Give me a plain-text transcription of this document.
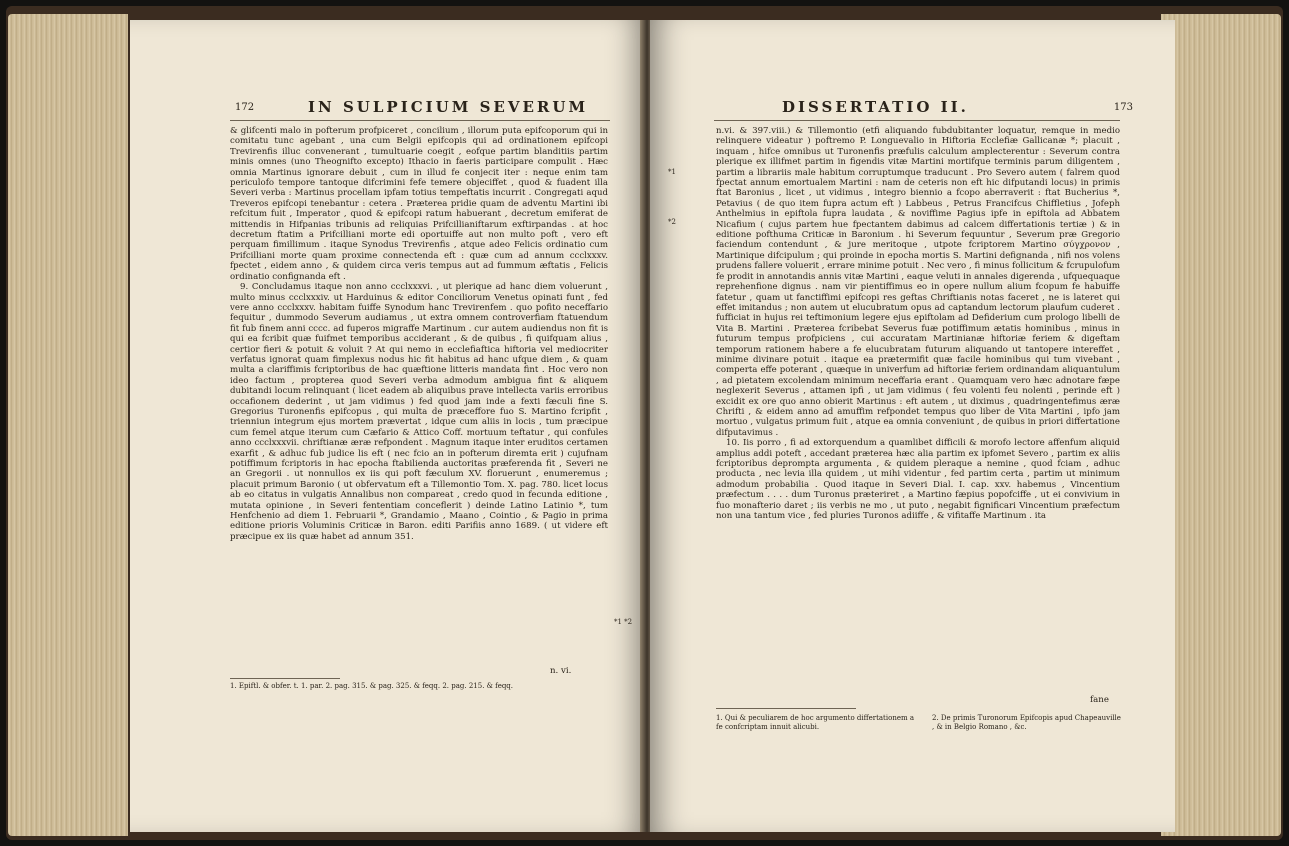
172	IN SULPICIUM SEVERUM

& glifcenti malo in pofterum profpiceret , concilium , illorum puta epifcoporum qui in comitatu tunc agebant , una cum Belgii epifcopis qui ad ordinationem epifcopi Trevirenfis illuc convenerant , tumultuarie coegit , eofque partim blanditiis partim minis omnes (uno Theognifto excepto) Ithacio in faeris participare compulit . Hæc omnia Martinus ignorare debuit , cum in illud fe conjecit iter : neque enim tam periculofo tempore tantoque difcrimini fefe temere objeciffet , quod & fuadent illa Severi verba : Martinus procellam ipfam totius tempeftatis incurrit . Congregati aqud Treveros epifcopi tenebantur : cetera . Præterea pridie quam de adventu Martini ibi refcitum fuit , Imperator , quod & epifcopi ratum habuerant , decretum emiferat de mittendis in Hifpanias tribunis ad reliquias Prifcillianiftarum exftirpandas . at hoc decretum ftatim a Prifcilliani morte edi oportuiffe aut non multo poft , vero eft perquam fimillimum . itaque Synodus Trevirenfis , atque adeo Felicis ordinatio cum Prifcilliani morte quam proxime connectenda eft : quæ cum ad annum ccclxxxv. fpectet , eidem anno , & quidem circa veris tempus aut ad fummum æftatis , Felicis ordinatio confignanda eft .

9. Concludamus itaque non anno ccclxxxvi. , ut plerique ad hanc diem voluerunt , multo minus ccclxxxiv. ut Harduinus & editor Conciliorum Venetus opinati funt , fed vere anno ccclxxxv. habitam fuiffe Synodum hanc Trevirenfem . quo pofito neceffario fequitur , dummodo Severum audiamus , ut extra omnem controverfiam ftatuendum fit fub finem anni cccc. ad fuperos migraffe Martinum . cur autem audiendus non fit is qui ea fcribit quæ fuifmet temporibus acciderant , & de quibus , fi quifquam alius , certior fieri & potuit & voluit ? At qui nemo in ecclefiaftica hiftoria vel mediocriter verfatus ignorat quam fimplexus nodus hic fit habitus ad hanc ufque diem , & quam multa a clariffimis fcriptoribus de hac quæftione litteris mandata fint . Hoc vero non ideo factum , propterea quod Severi verba admodum ambigua fint & aliquem dubitandi locum relinquant ( licet eadem ab aliquibus prave intellecta variis erroribus occafionem dederint , ut jam vidimus ) fed quod jam inde a fexti fæculi fine S. Gregorius Turonenfis epifcopus , qui multa de præceffore fuo S. Martino fcripfit , trienniun integrum ejus mortem prævertat , idque cum aliis in locis , tum præcipue cum femel atque iterum cum Cæfario & Attico Coff. mortuum teftatur , qui confules anno ccclxxxvii. chriftianæ æræ refpondent . Magnum itaque inter eruditos certamen exarfit , & adhuc fub judice lis eft ( nec fcio an in pofterum diremta erit ) cujufnam potiffimum fcriptoris in hac epocha ftabilienda auctoritas præferenda fit , Severi ne an Gregorii . ut nonnullos ex iis qui poft fæculum XV. floruerunt , enumeremus ; placuit primum Baronio ( ut obfervatum eft a Tillemontio Tom. X. pag. 780. licet locus ab eo citatus in vulgatis Annalibus non compareat , credo quod in fecunda editione , mutata opinione , in Severi fententiam conceflerit ) deinde Latino Latinio *, tum Henfchenio ad diem 1. Februarii *, Grandamio , Maano , Cointio , & Pagio in prima editione prioris Voluminis Criticæ in Baron. editi Parifiis anno 1689. ( ut videre eft præcipue ex iis quæ habet ad annum 351.

*1 *2
n. vi.
1. Epiftl. & obfer. t. 1. par. 2. pag. 315. & pag. 325. & feqq. 2. pag. 215. & feqq.
DISSERTATIO II.	173

n.vi. & 397.viii.) & Tillemontio (etfi aliquando fubdubitanter loquatur, remque in medio relinquere videatur ) poftremo P. Longuevalio in Hiftoria Ecclefiæ Gallicanæ *; placuit , inquam , hifce omnibus ut Turonenfis præfulis calculum amplecterentur : Severum contra plerique ex illifmet partim in figendis vitæ Martini mortifque terminis parum diligentem , partim a librariis male habitum corruptumque traducunt . Pro Severo autem ( falrem quod fpectat annum emortualem Martini : nam de ceteris non eft hic difputandi locus) in primis ftat Baronius , licet , ut vidimus , integro biennio a fcopo aberraverit : ftat Bucherius *, Petavius ( de quo item fupra actum eft ) Labbeus , Petrus Francifcus Chiffletius , Jofeph Anthelmius in epiftola fupra laudata , & noviffime Pagius ipfe in epiftola ad Abbatem Nicafium ( cujus partem hue fpectantem dabimus ad calcem differtationis tertiæ ) & in editione pofthuma Criticæ in Baronium . hi Severum fequuntur , Severum præ Gregorio faciendum contendunt , & jure meritoque , utpote fcriptorem Martino σύγχρονον , Martinique difcipulum ; qui proinde in epocha mortis S. Martini defignanda , nifi nos volens prudens fallere voluerit , errare minime potuit . Nec vero , fi minus follicitum & fcrupulofum fe prodit in annotandis annis vitæ Martini , eaque veluti in annales digerenda , ufquequaque reprehenfione dignus . nam vir pientiffimus eo in opere nullum alium fcopum fe habuiffe fatetur , quam ut fanctiffimi epifcopi res geftas Chriftianis notas faceret , ne is lateret qui effet imitandus ; non autem ut elucubratum opus ad captandum lectorum plaufum cuderet . fufficiat in hujus rei teftimonium legere ejus epiftolam ad Defiderium cum prologo libelli de Vita B. Martini . Præterea fcribebat Severus fuæ potiffimum ætatis hominibus , minus in futurum tempus profpiciens , cui accuratam Martinianæ hiftoriæ feriem & digeftam temporum rationem habere a fe elucubratam futurum aliquando ut tantopere intereffet , minime divinare potuit . itaque ea prætermifit quæ facile hominibus qui tum vivebant , comperta effe poterant , quæque in univerfum ad hiftoriæ feriem ordinandam aliquantulum , ad pietatem excolendam minimum neceffaria erant . Quamquam vero hæc adnotare fæpe neglexerit Severus , attamen ipfi , ut jam vidimus ( feu volenti feu nolenti , perinde eft ) excidit ex ore quo anno obierit Martinus : eft autem , ut diximus , quadringentefimus æræ Chrifti , & eidem anno ad amuffim refpondet tempus quo liber de Vita Martini , ipfo jam mortuo , vulgatus primum fuit , atque ea omnia conveniunt , de quibus in priori differtatione difputavimus .

10. Iis porro , fi ad extorquendum a quamlibet difficili & morofo lectore affenfum aliquid amplius addi poteft , accedant præterea hæc alia partim ex ipfomet Severo , partim ex aliis fcriptoribus deprompta argumenta , & quidem pleraque a nemine , quod fciam , adhuc producta , nec levia illa quidem , ut mihi videntur , fed partim certa , partim ut minimum admodum probabilia . Quod itaque in Severi Dial. I. cap. xxv. habemus , Vincentium præfectum . . . . dum Turonus præteriret , a Martino fæpius popofciffe , ut ei convivium in fuo monafterio daret ; iis verbis ne mo , ut puto , negabit fignificari Vincentium præfectum non una tantum vice , fed pluries Turonos adiiffe , & vifitaffe Martinum . ita

*1
*2
fane
1. Qui & peculiarem de hoc argumento differtationem a fe confcriptam innuit alicubi.
2. De primis Turonorum Epifcopis apud Chapeauville , & in Belgio Romano , &c.
